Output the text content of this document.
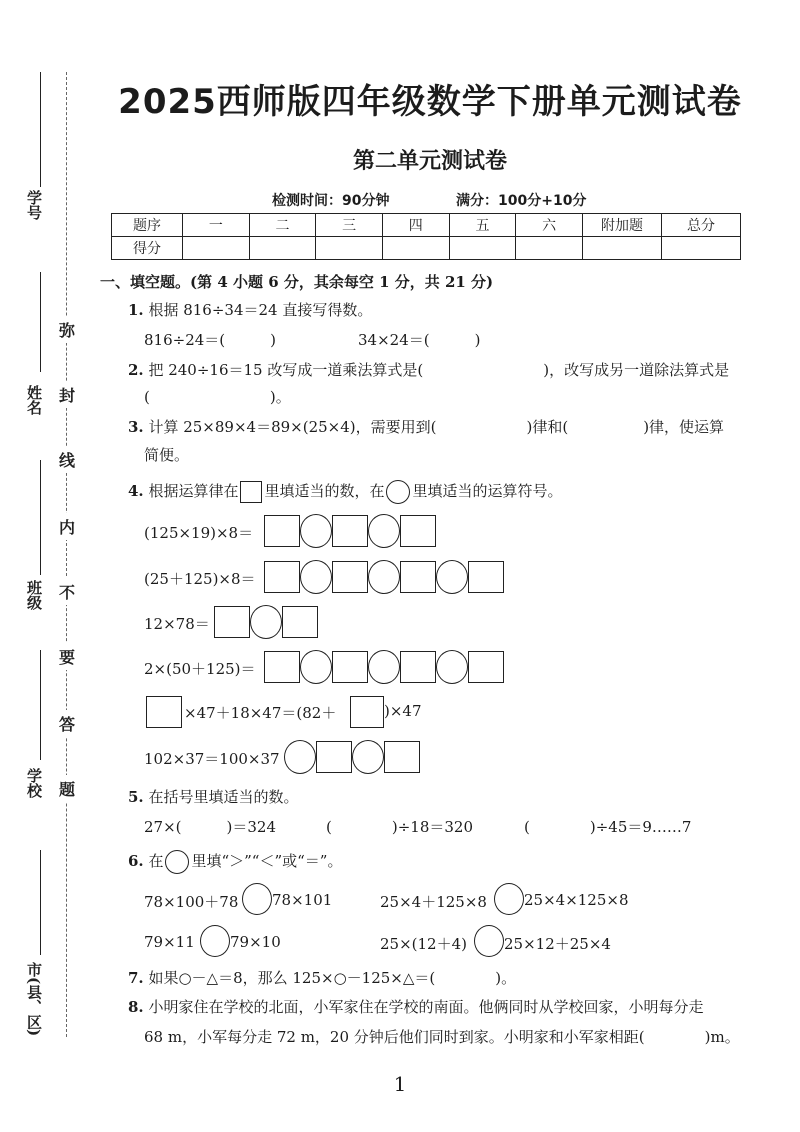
学号
姓名
班级
学校
市(县、区)
弥
封
线
内
不
要
答
题
2025西师版四年级数学下册单元测试卷
第二单元测试卷
检测时间：90分钟	满分：100分+10分
题序	一	二	三	四	五	六	附加题	总分
得分								
一、填空题。(第 4 小题 6 分，其余每空 1 分，共 21 分)
1. 根据 816÷34＝24 直接写得数。
816÷24＝(　　　)	34×24＝(　　　)
2. 把 240÷16＝15 改写成一道乘法算式是(　　　　　　　　)，改写成另一道除法算式是
(　　　　　　　　)。
3. 计算 25×89×4＝89×(25×4)，需要用到(　　　　　　)律和(　　　　　)律，使运算
简便。
4. 根据运算律在 里填适当的数，在 里填适当的运算符号。
(125×19)×8＝
(25＋125)×8＝
12×78＝
2×(50＋125)＝
×47＋18×47＝(82＋	)×47
102×37＝100×37
5. 在括号里填适当的数。
27×(　　　)＝324	(　　　　)÷18＝320	(　　　　)÷45＝9……7
6. 在 里填“＞”“＜”或“＝”。
78×100＋78 78×101	25×4＋125×8 25×4×125×8
79×11 79×10	25×(12＋4) 25×12＋25×4
7. 如果○－△＝8，那么 125×○－125×△＝(　　　　)。
8. 小明家住在学校的北面，小军家住在学校的南面。他俩同时从学校回家，小明每分走
68 m，小军每分走 72 m，20 分钟后他们同时到家。小明家和小军家相距(　　　　)m。
1
